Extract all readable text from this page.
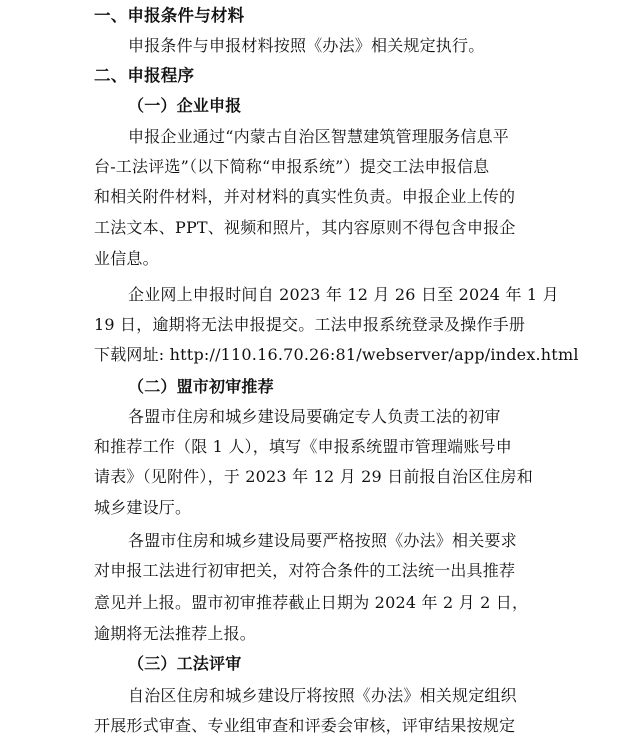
一、申报条件与材料
申报条件与申报材料按照《办法》相关规定执行。
二、申报程序
（一）企业申报
申报企业通过“内蒙古自治区智慧建筑管理服务信息平
台-工法评选”（以下简称“申报系统”）提交工法申报信息
和相关附件材料，并对材料的真实性负责。申报企业上传的
工法文本、PPT、视频和照片，其内容原则不得包含申报企
业信息。
企业网上申报时间自 2023 年 12 月 26 日至 2024 年 1 月
19 日，逾期将无法申报提交。工法申报系统登录及操作手册
下载网址: http://110.16.70.26:81/webserver/app/index.html
（二）盟市初审推荐
各盟市住房和城乡建设局要确定专人负责工法的初审
和推荐工作（限 1 人），填写《申报系统盟市管理端账号申
请表》（见附件），于 2023 年 12 月 29 日前报自治区住房和
城乡建设厅。
各盟市住房和城乡建设局要严格按照《办法》相关要求
对申报工法进行初审把关，对符合条件的工法统一出具推荐
意见并上报。盟市初审推荐截止日期为 2024 年 2 月 2 日，
逾期将无法推荐上报。
（三）工法评审
自治区住房和城乡建设厅将按照《办法》相关规定组织
开展形式审查、专业组审查和评委会审核，评审结果按规定
